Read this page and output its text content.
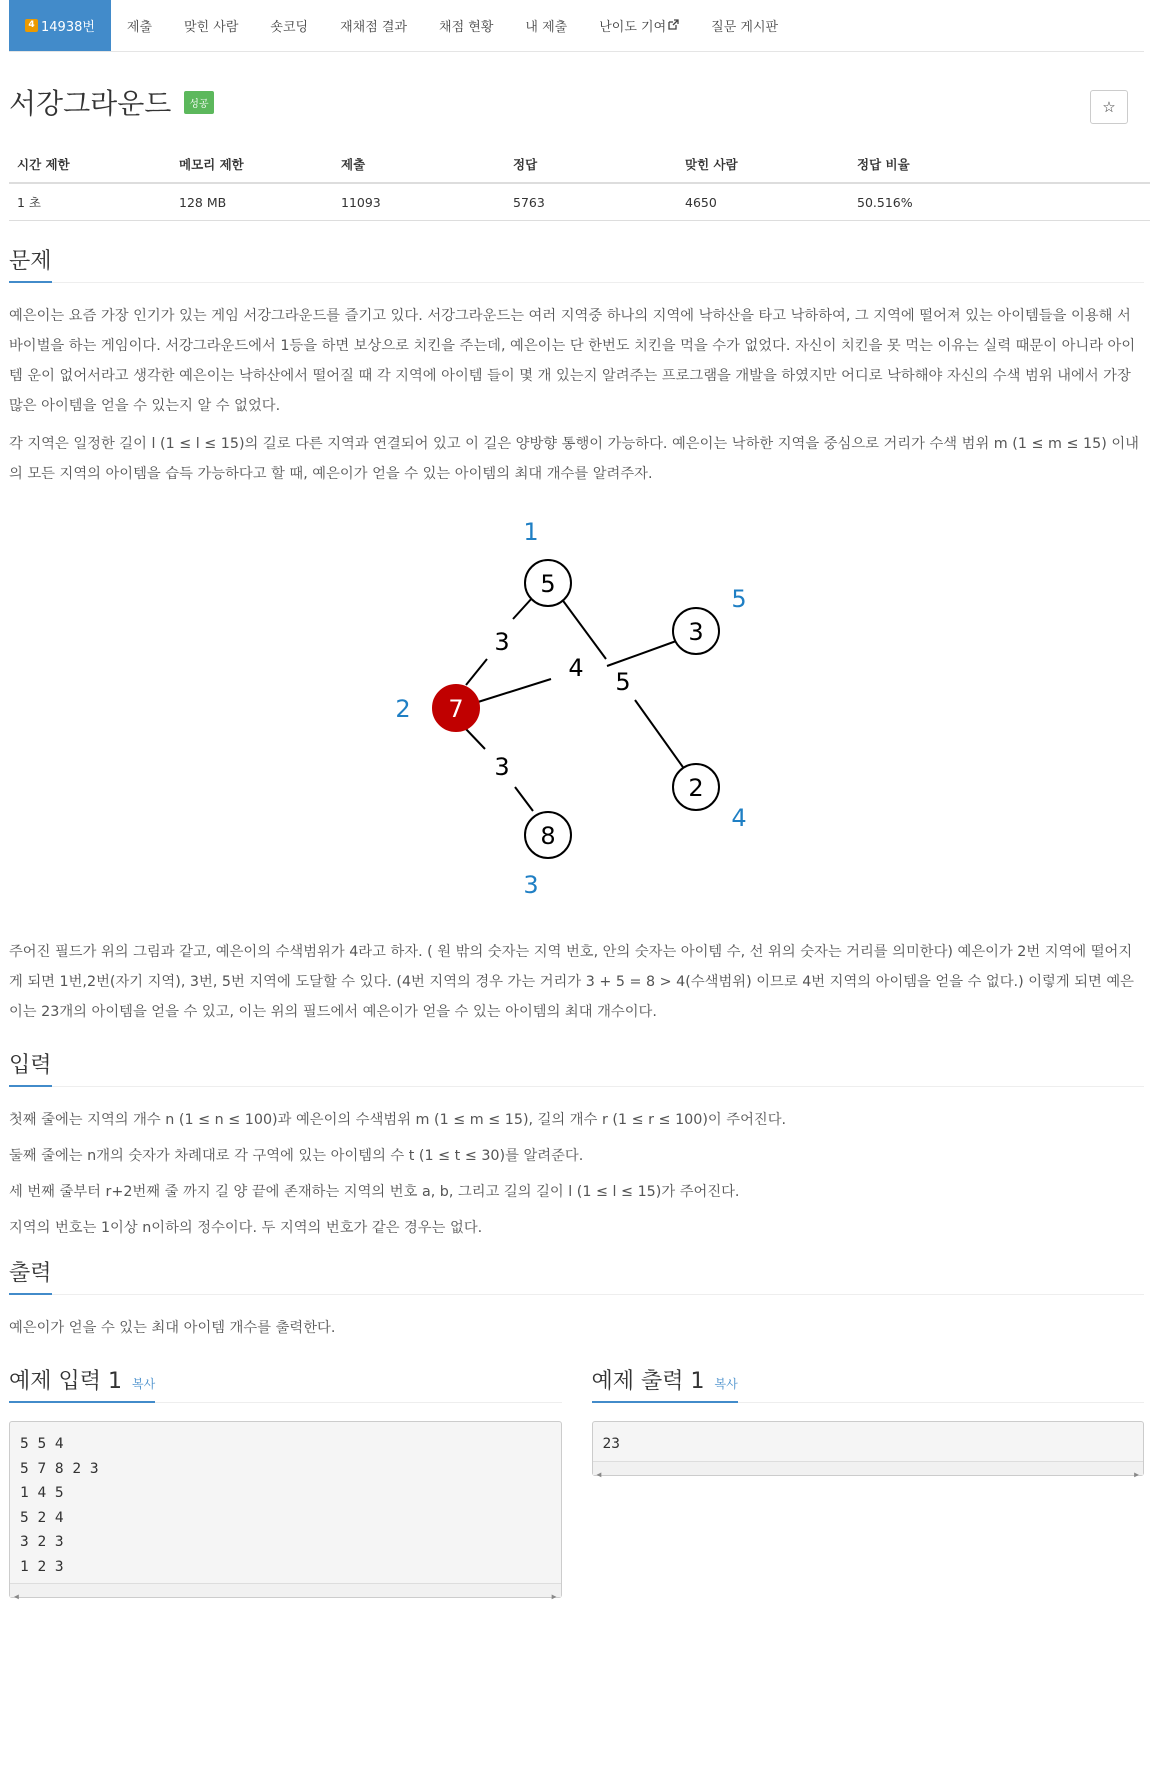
4 14938번	제출	맞힌 사람	숏코딩	재채점 결과	채점 현황	내 제출	난이도 기여	질문 게시판
서강그라운드 성공	☆
시간 제한	메모리 제한	제출	정답	맞힌 사람	정답 비율
1 초	128 MB	11093	5763	4650	50.516%
문제

예은이는 요즘 가장 인기가 있는 게임 서강그라운드를 즐기고 있다. 서강그라운드는 여러 지역중 하나의 지역에 낙하산을 타고 낙하하여, 그 지역에 떨어져 있는 아이템들을 이용해 서바이벌을 하는 게임이다. 서강그라운드에서 1등을 하면 보상으로 치킨을 주는데, 예은이는 단 한번도 치킨을 먹을 수가 없었다. 자신이 치킨을 못 먹는 이유는 실력 때문이 아니라 아이템 운이 없어서라고 생각한 예은이는 낙하산에서 떨어질 때 각 지역에 아이템 들이 몇 개 있는지 알려주는 프로그램을 개발을 하였지만 어디로 낙하해야 자신의 수색 범위 내에서 가장 많은 아이템을 얻을 수 있는지 알 수 없었다.

각 지역은 일정한 길이 l (1 ≤ l ≤ 15)의 길로 다른 지역과 연결되어 있고 이 길은 양방향 통행이 가능하다. 예은이는 낙하한 지역을 중심으로 거리가 수색 범위 m (1 ≤ m ≤ 15) 이내의 모든 지역의 아이템을 습득 가능하다고 할 때, 예은이가 얻을 수 있는 아이템의 최대 개수를 알려주자.

3
4 5
3
5
7
8
2
3
1
2
3
4
5

주어진 필드가 위의 그림과 같고, 예은이의 수색범위가 4라고 하자. ( 원 밖의 숫자는 지역 번호, 안의 숫자는 아이템 수, 선 위의 숫자는 거리를 의미한다) 예은이가 2번 지역에 떨어지게 되면 1번,2번(자기 지역), 3번, 5번 지역에 도달할 수 있다. (4번 지역의 경우 가는 거리가 3 + 5 = 8 > 4(수색범위) 이므로 4번 지역의 아이템을 얻을 수 없다.) 이렇게 되면 예은이는 23개의 아이템을 얻을 수 있고, 이는 위의 필드에서 예은이가 얻을 수 있는 아이템의 최대 개수이다.

입력

첫째 줄에는 지역의 개수 n (1 ≤ n ≤ 100)과 예은이의 수색범위 m (1 ≤ m ≤ 15), 길의 개수 r (1 ≤ r ≤ 100)이 주어진다.

둘째 줄에는 n개의 숫자가 차례대로 각 구역에 있는 아이템의 수 t (1 ≤ t ≤ 30)를 알려준다.

세 번째 줄부터 r+2번째 줄 까지 길 양 끝에 존재하는 지역의 번호 a, b, 그리고 길의 길이 l (1 ≤ l ≤ 15)가 주어진다.

지역의 번호는 1이상 n이하의 정수이다. 두 지역의 번호가 같은 경우는 없다.

출력

예은이가 얻을 수 있는 최대 아이템 개수를 출력한다.

예제 입력 1 복사
5 5 4
5 7 8 2 3
1 4 5
5 2 4
3 2 3
1 2 3

◀	▶
예제 출력 1 복사
23

◀	▶
